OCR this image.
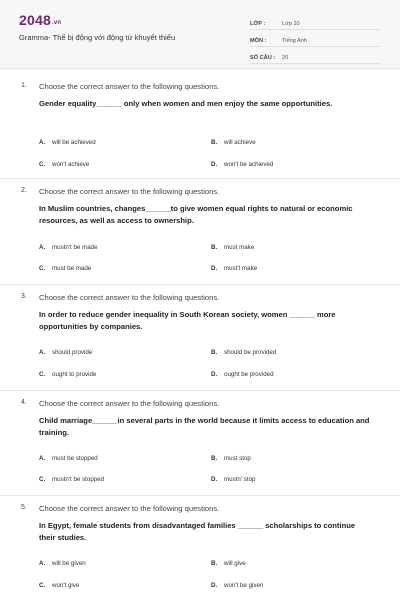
2048.vn
Gramma- Thể bị động với động từ khuyết thiếu
LỚP :	Lớp 10
MÔN :	Tiếng Anh
SỐ CÂU :	20
1. Choose the correct answer to the following questions.
Gender equality______ only when women and men enjoy the same opportunities.
A. will be achieved	B. will achieve
C. won't achieve	D. won't be achieved
2. Choose the correct answer to the following questions.
In Muslim countries, changes______to give women equal rights to natural or economic resources, as well as access to ownership.
A. mustn't be made	B. must make
C. must be made	D. must't make
3. Choose the correct answer to the following questions.
In order to reduce gender inequality in South Korean society, women ______ more opportunities by companies.
A. should provide	B. should be provided
C. ought to provide	D. ought be provided
4. Choose the correct answer to the following questions.
Child marriage______in several parts in the world because it limits access to education and training.
A. must be stopped	B. must stop
C. mustn't be stopped	D. mustn' stop
5. Choose the correct answer to the following questions.
In Egypt, female students from disadvantaged families ______ scholarships to continue their studies.
A. will be given	B. will give
C. won't give	D. won't be given
